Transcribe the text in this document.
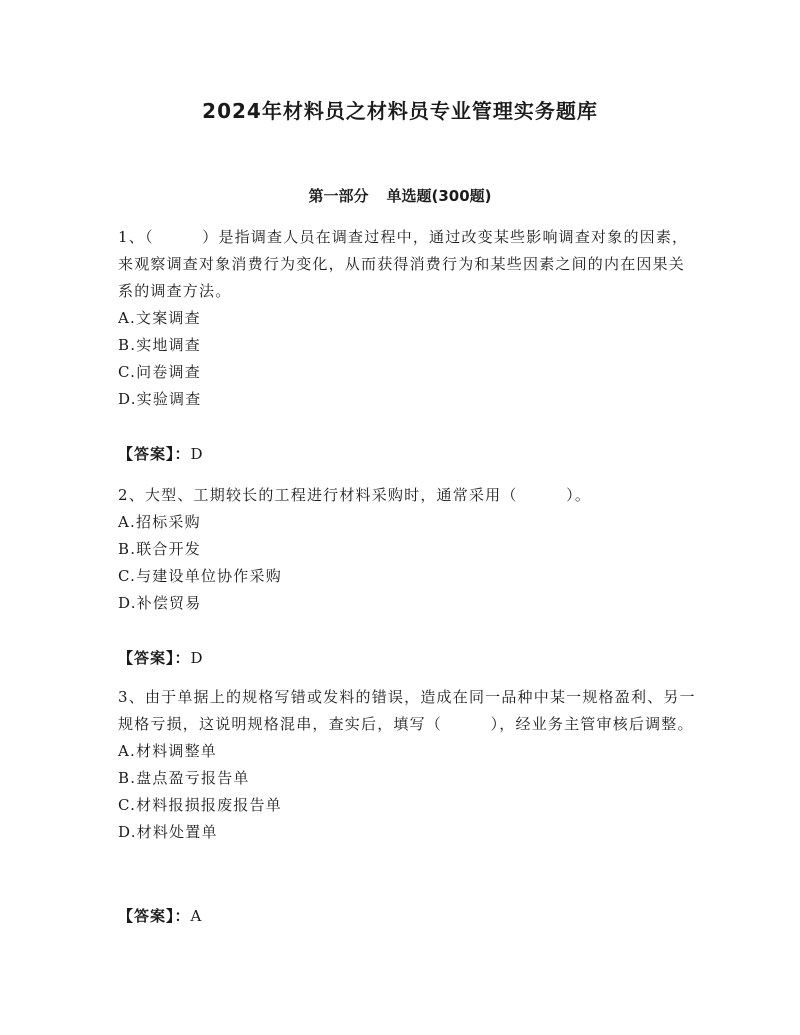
2024年材料员之材料员专业管理实务题库
第一部分 单选题(300题)

1、（　　　）是指调查人员在调查过程中，通过改变某些影响调查对象的因素，来观察调查对象消费行为变化，从而获得消费行为和某些因素之间的内在因果关系的调查方法。

A.文案调查

B.实地调查

C.问卷调查

D.实验调查

【答案】：D

2、大型、工期较长的工程进行材料采购时，通常采用（　　　）。

A.招标采购

B.联合开发

C.与建设单位协作采购

D.补偿贸易

【答案】：D

3、由于单据上的规格写错或发料的错误，造成在同一品种中某一规格盈利、另一规格亏损，这说明规格混串，查实后，填写（　　　），经业务主管审核后调整。

A.材料调整单

B.盘点盈亏报告单

C.材料报损报废报告单

D.材料处置单

【答案】：A
